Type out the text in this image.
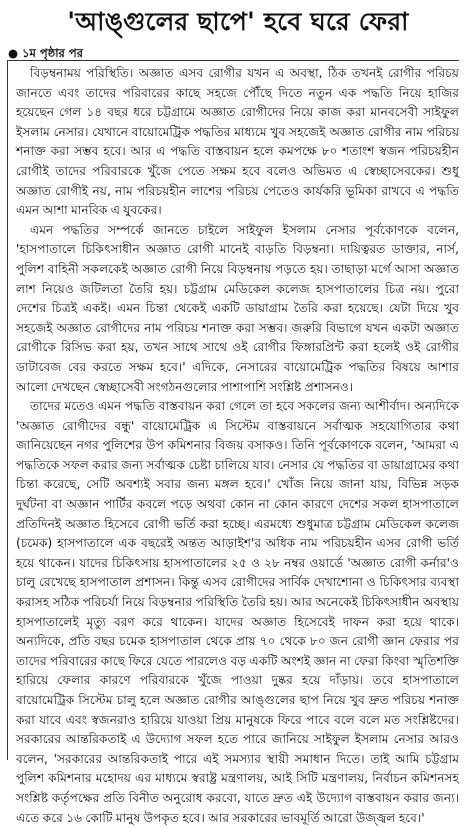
'আঙ্গুলের ছাপে' হবে ঘরে ফেরা
● ১ম পৃষ্ঠার পর

বিড়ম্বনাময় পরিস্থিতি। অজ্ঞাত এসব রোগীর যখন এ অবস্থা, ঠিক তখনই রোগীর পরিচয় জানতে এবং তাদের পরিবারের কাছে সহজে পৌঁছে দিতে নতুন এক পদ্ধতি নিয়ে হাজির হয়েছেন গেল ১৪ বছর ধরে চট্টগ্রামে অজ্ঞাত রোগীদের নিয়ে কাজ করা মানবসেবী সাইফুল ইসলাম নেসার। যেখানে বায়োমেট্রিক পদ্ধতির মাধ্যমে খুব সহজেই অজ্ঞাত রোগীর নাম পরিচয় শনাক্ত করা সম্ভব হবে। আর এ পদ্ধতি বাস্তবায়ন হলে কমপক্ষে ৮০ শতাংশ স্বজন পরিচয়হীন রোগীই তাদের পরিবারকে খুঁজে পেতে সক্ষম হবে বলেও অভিমত এ স্বেচ্ছাসেবকের। শুধু অজ্ঞাত রোগীই নয়, নাম পরিচয়হীন লাশের পরিচয় পেতেও কার্যকরি ভূমিকা রাখবে এ পদ্ধতি এমন আশা মানবিক এ যুবকের।

এমন পদ্ধতির সম্পর্কে জানতে চাইলে সাইফুল ইসলাম নেসার পূর্বকোণকে বলেন, 'হাসপাতালে চিকিৎসাধীন অজ্ঞাত রোগী মানেই বাড়তি বিড়ম্বনা। দায়িত্বরত ডাক্তার, নার্স, পুলিশ বাহিনী সকলকেই অজ্ঞাত রোগী নিয়ে বিড়ম্বনায় পড়তে হয়। তাছাড়া মর্গে আসা অজ্ঞাত লাশ নিয়েও জটিলতা তৈরি হয়। চট্টগ্রাম মেডিকেল কলেজ হাসপাতালের চিত্র নয়। পুরো দেশের চিত্রই একই। এমন চিন্তা থেকেই একটি ডায়াগ্রাম তৈরি করা হয়েছে। যেটা দিয়ে খুব সহজেই অজ্ঞাত রোগীদের নাম পরিচয় শনাক্ত করা সম্ভব। জরুরি বিভাগে যখন একটা অজ্ঞাত রোগীকে রিসিভ করা হয়, তখন সাথে সাথে ওই রোগীর ফিঙ্গারপ্রিন্ট করা হলেই ওই রোগীর ডাটাবেজ বের করতে সক্ষম হবে।' এদিকে, নেসারের বায়োমেট্রিক পদ্ধতির বিষয়ে আশার আলো দেখছেন স্বেচ্ছাসেবী সংগঠনগুলোর পাশাপাশি সংশ্লিষ্ট প্রশাসনও।

তাদের মতেও এমন পদ্ধতি বাস্তবায়ন করা গেলে তা হবে সকলের জন্য আশীর্বাদ। অন্যদিকে 'অজ্ঞাত রোগীদের বন্ধু' বায়োমেট্রিক এ সিস্টেম বাস্তবায়নে সর্বাত্মক সহযোগিতার কথা জানিয়েছেন নগর পুলিশের উপ কমিশনার বিজয় বসাকও। তিনি পূর্বকোণকে বলেন, 'আমরা এ পদ্ধতিকে সফল করার জন্য সর্বাত্মক চেষ্টা চালিয়ে যাব। নেসার যে পদ্ধতির বা ডায়াগ্রামের কথা চিন্তা করেছে, সেটি অবশ্যই সবার জন্য মঙ্গল হবে।' খোঁজ নিয়ে জানা যায়, বিভিন্ন সড়ক দুর্ঘটনা বা অজ্ঞান পার্টির কবলে পড়ে অথবা কোন না কোন কারণে দেশের সকল হাসপাতালে প্রতিদিনই অজ্ঞাত হিসেবে রোগী ভর্তি করা হচ্ছে। এরমধ্যে শুধুমাত্র চট্টগ্রাম মেডিকেল কলেজ (চমেক) হাসপাতালে এক বছরেই অন্তত আড়াইশ'র অধিক নাম পরিচয়হীন এসব রোগী ভর্তি হয়ে থাকেন। যাদের চিকিৎসায় হাসপাতালের ২৫ ও ২৮ নম্বর ওয়ার্ডে 'অজ্ঞাত রোগী কর্নার'ও চালু রেখেছে হাসপাতাল প্রশাসন। কিন্তু এসব রোগীদের সার্বিক দেখাশোনা ও চিকিৎসার ব্যবস্থা করাসহ সঠিক পরিচর্যা নিয়ে বিড়ম্বনার পরিস্থিতি তৈরি হয়। আর অনেকেই চিকিৎসাধীন অবস্থায় হাসপাতালেই মৃত্যু বরণ করে থাকেন। যাদের অজ্ঞাত হিসেবেই দাফন করা হয়ে থাকে। অন্যদিকে, প্রতি বছর চমেক হাসপাতাল থেকে প্রায় ৭০ থেকে ৮০ জন রোগী জ্ঞান ফেরার পর তাদের পরিবারের কাছে ফিরে যেতে পারলেও বড় একটি অংশই জ্ঞান না ফেরা কিংবা স্মৃতিশক্তি হারিয়ে ফেলার কারণে পরিবারকে খুঁজে পাওয়া দুষ্কর হয়ে দাঁড়ায়। তবে হাসপাতালে বায়োমেট্রিক সিস্টেম চালু হলে অজ্ঞাত রোগীর আঙ্গুলের ছাপ নিয়ে খুব দ্রুত পরিচয় শনাক্ত করা যাবে এবং স্বজনরাও হারিয়ে যাওয়া প্রিয় মানুষকে ফিরে পাবে বলে বলে মত সংশ্লিষ্টদের।সরকারের আন্তরিকতাই এ উদ্যোগ সফল হতে পারে জানিয়ে সাইফুল ইসলাম নেসার আরও বলেন, 'সরকারের আন্তরিকতাই পারে এই সমস্যার স্থায়ী সমাধান দিতে। তাই আমি চট্টগ্রাম পুলিশ কমিশনার মহোদয় এর মাধ্যমে স্বরাষ্ট্র মন্ত্রণালয়, আই সিটি মন্ত্রণালয়, নির্বাচন কমিশনসহ সংশ্লিষ্ট কর্তৃপক্ষের প্রতি বিনীত অনুরোধ করবো, যাতে দ্রুত এই উদ্যোগ বাস্তবায়ন করার জন্য। এতে করে ১৬ কোটি মানুষ উপকৃত হবে। আর সরকারের ভাবমূর্তি আরো উজ্জ্বল হবে।'
